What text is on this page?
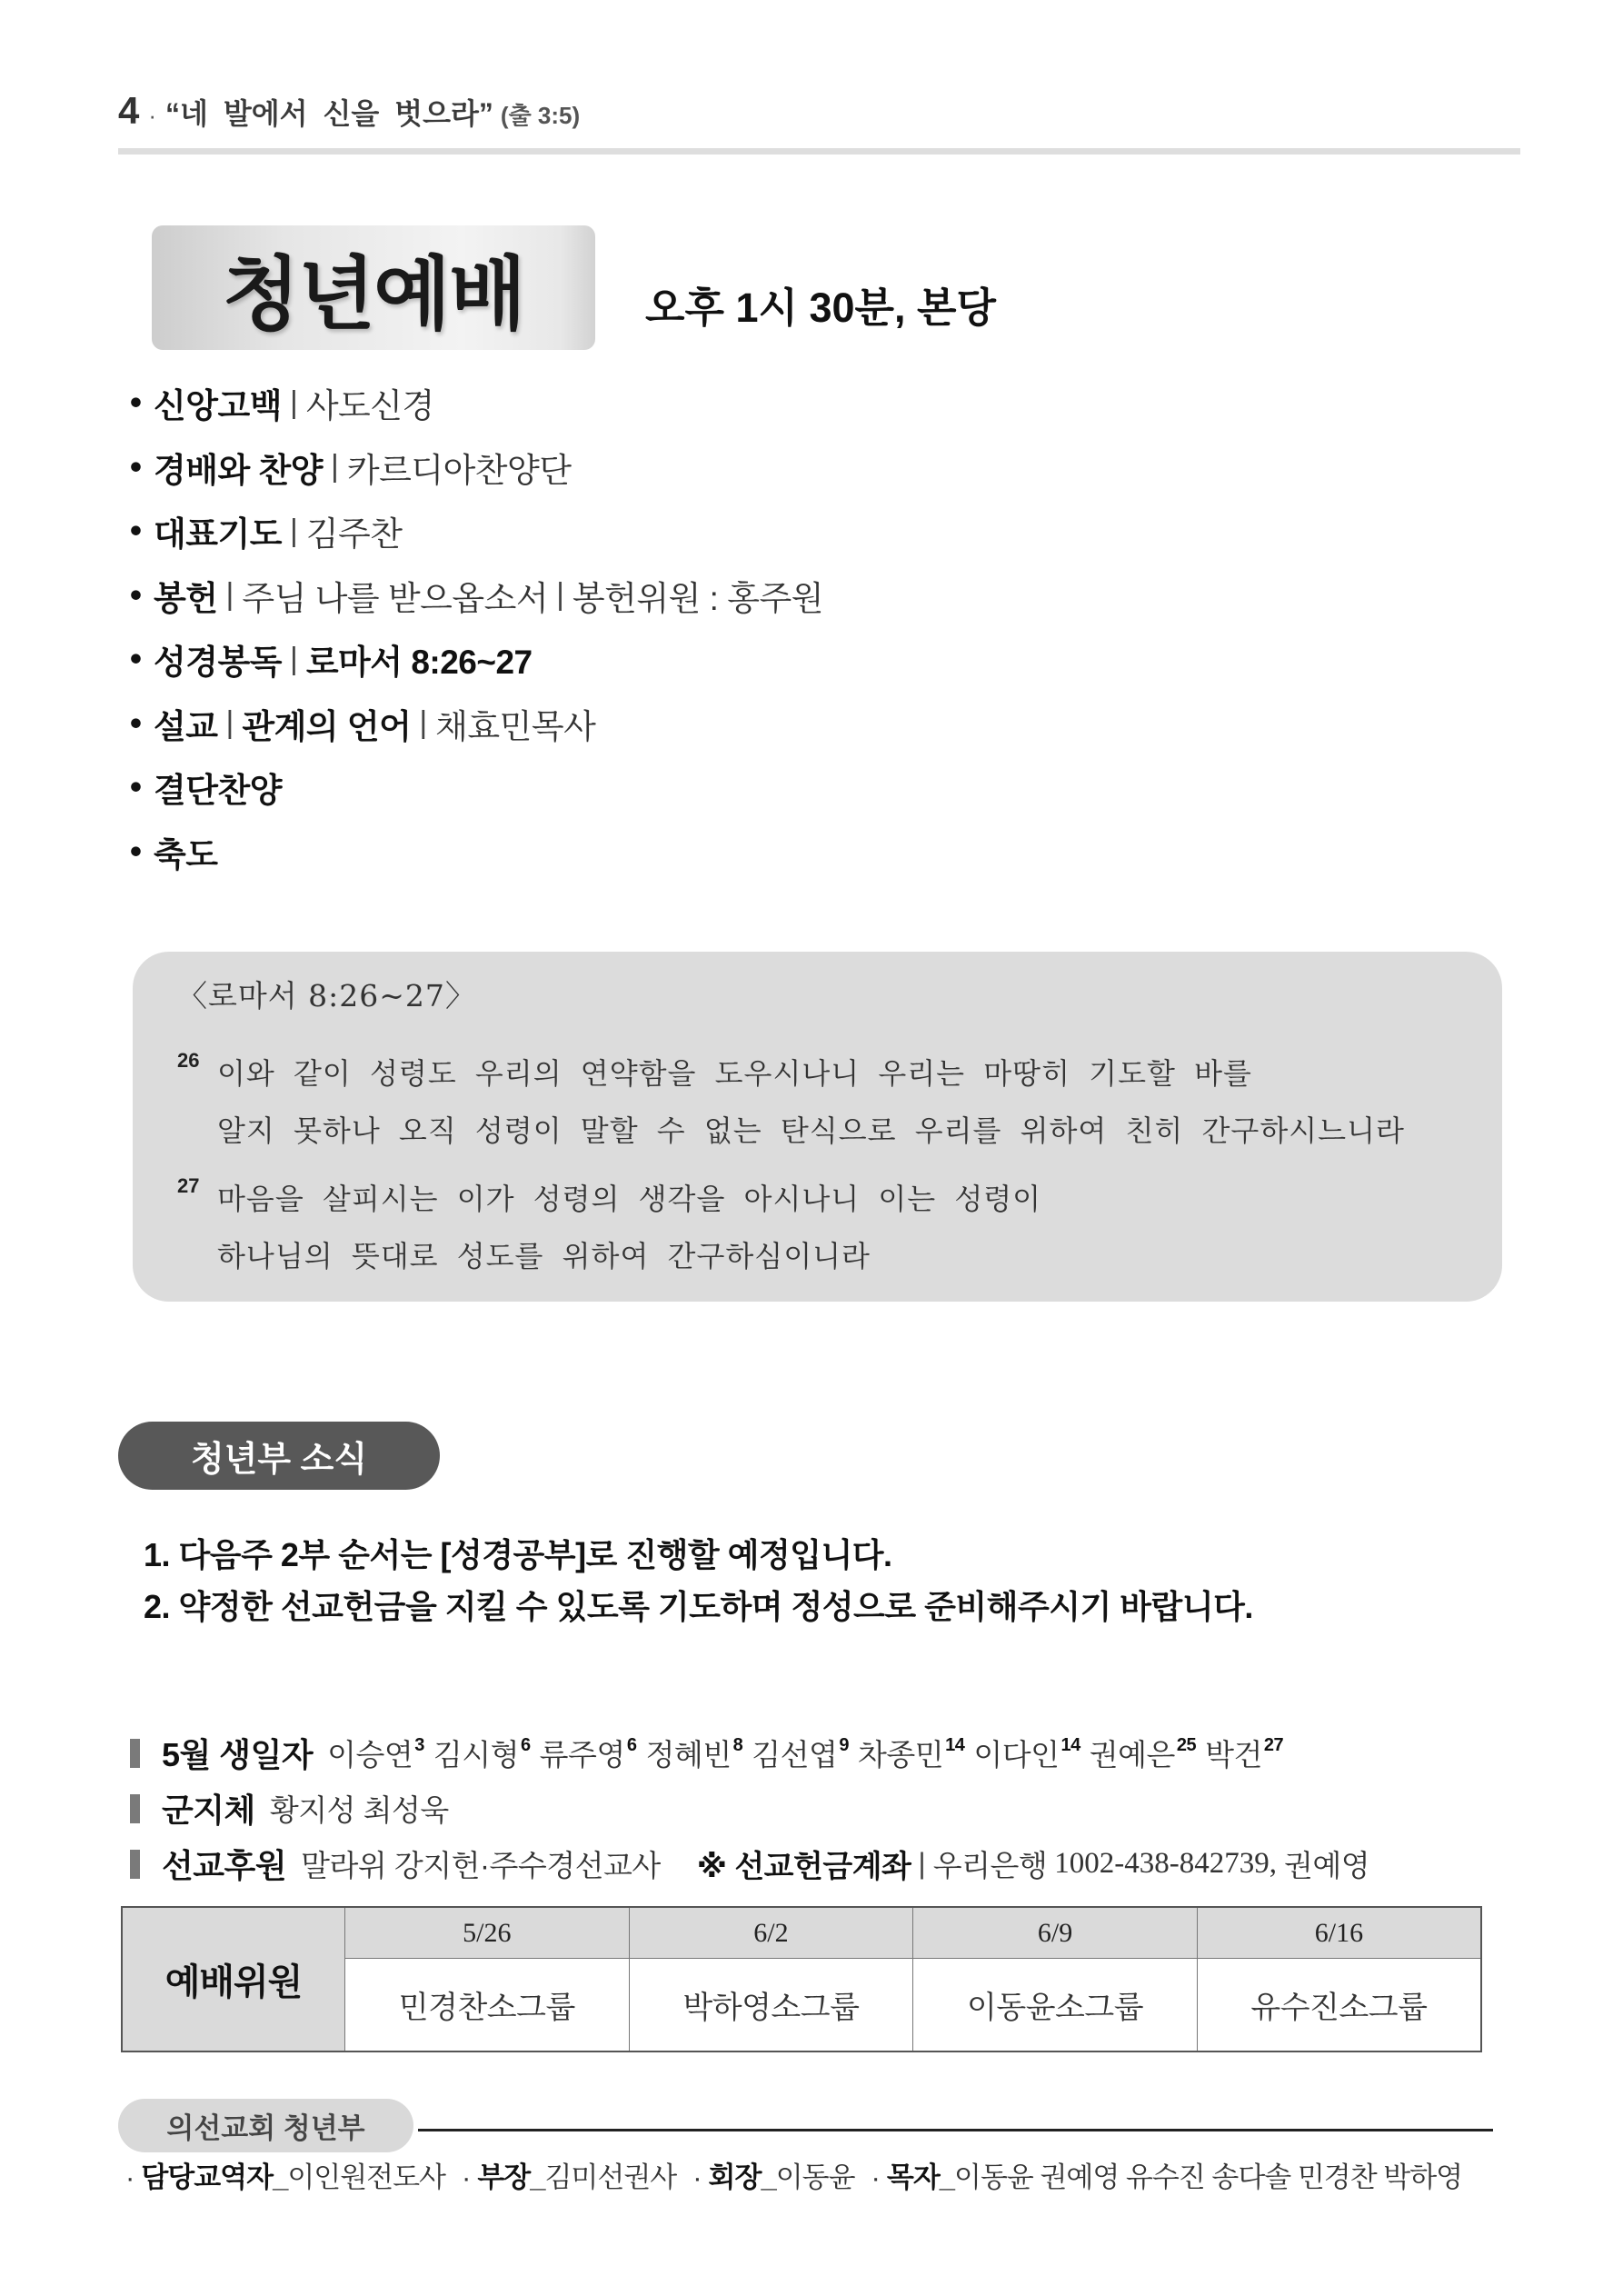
4 · “네 발에서 신을 벗으라” (출 3:5)
청년예배	오후 1시 30분, 본당
• 신앙고백 | 사도신경
• 경배와 찬양 | 카르디아찬양단
• 대표기도 | 김주찬
• 봉헌 | 주님 나를 받으옵소서 | 봉헌위원 : 홍주원
• 성경봉독 | 로마서 8:26~27
• 설교 | 관계의 언어 | 채효민목사
• 결단찬양
• 축도
〈로마서 8:26~27〉
26 이와 같이 성령도 우리의 연약함을 도우시나니 우리는 마땅히 기도할 바를
알지 못하나 오직 성령이 말할 수 없는 탄식으로 우리를 위하여 친히 간구하시느니라
27 마음을 살피시는 이가 성령의 생각을 아시나니 이는 성령이
하나님의 뜻대로 성도를 위하여 간구하심이니라
청년부 소식
1. 다음주 2부 순서는 [성경공부]로 진행할 예정입니다.
2. 약정한 선교헌금을 지킬 수 있도록 기도하며 정성으로 준비해주시기 바랍니다.
5월 생일자 이승연 $^3$ 김시형 $^6$ 류주영 $^6$ 정혜빈 $^8$ 김선엽 $^9$ 차종민 $^{14}$ 이다인 $^{14}$ 권예은 $^{25}$ 박건 $^{27}$
군지체 황지성 최성욱
선교후원 말라위 강지헌·주수경선교사 ※ 선교헌금계좌 | 우리은행 1002-438-842739, 권예영
예배위원	5/26	6/2	6/9	6/16
	민경찬소그룹	박하영소그룹	이동윤소그룹	유수진소그룹
의선교회 청년부
· 담당교역자_이인원전도사 · 부장_김미선권사 · 회장_이동윤 · 목자_이동윤 권예영 유수진 송다솔 민경찬 박하영
